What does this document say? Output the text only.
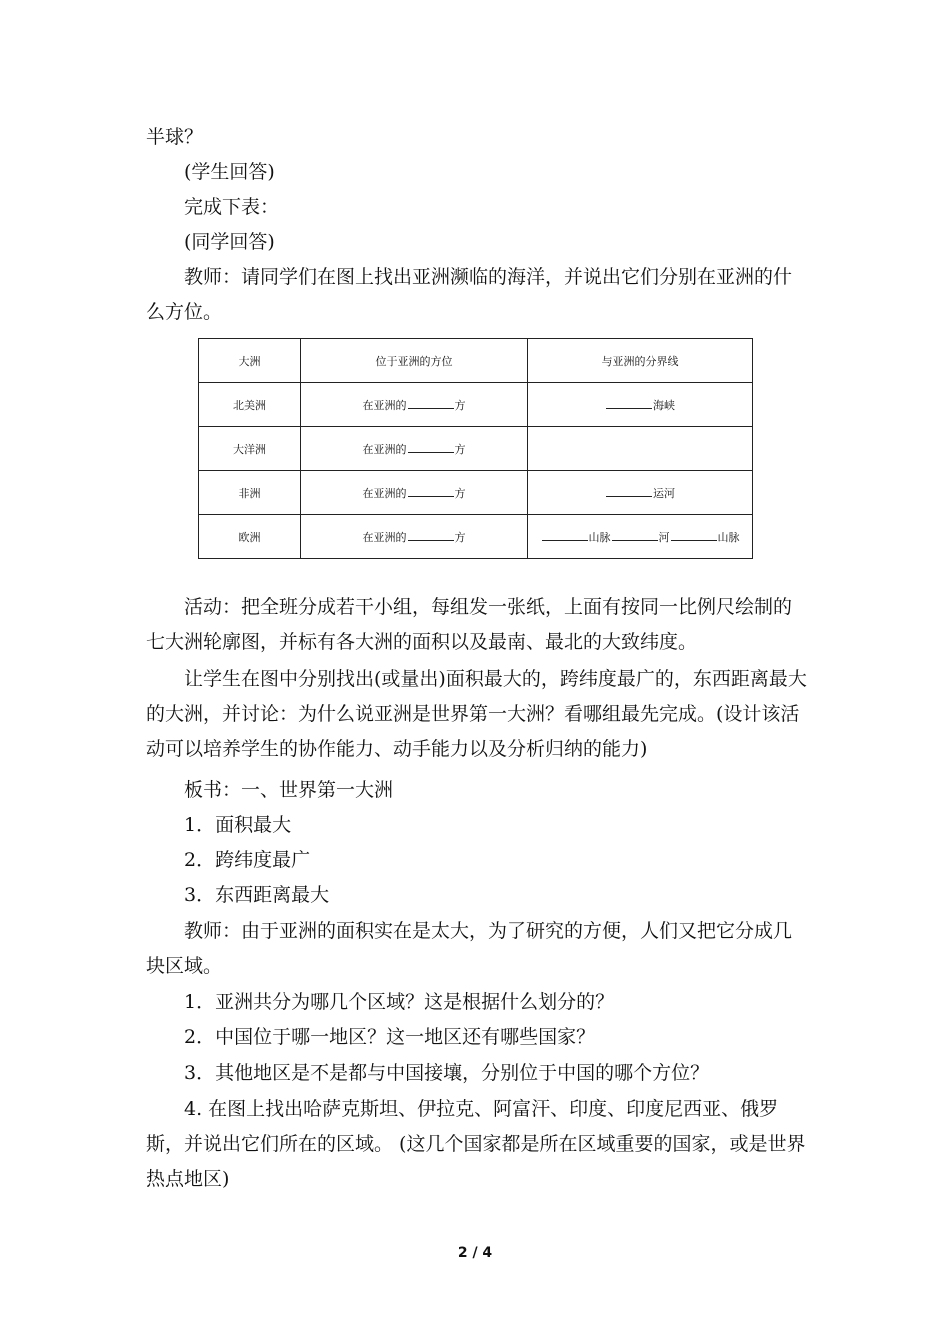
半球？

(学生回答)

完成下表：

(同学回答)

教师：请同学们在图上找出亚洲濒临的海洋，并说出它们分别在亚洲的什么方位。

大洲	位于亚洲的方位	与亚洲的分界线
北美洲	在亚洲的 方	海峡
大洋洲	在亚洲的 方	
非洲	在亚洲的 方	运河
欧洲	在亚洲的 方	山脉 河 山脉

活动：把全班分成若干小组，每组发一张纸，上面有按同一比例尺绘制的七大洲轮廓图，并标有各大洲的面积以及最南、最北的大致纬度。

让学生在图中分别找出(或量出)面积最大的，跨纬度最广的，东西距离最大的大洲，并讨论：为什么说亚洲是世界第一大洲？看哪组最先完成。(设计该活动可以培养学生的协作能力、动手能力以及分析归纳的能力)

板书：一、世界第一大洲

1．面积最大

2．跨纬度最广

3．东西距离最大

教师：由于亚洲的面积实在是太大，为了研究的方便，人们又把它分成几块区域。

1．亚洲共分为哪几个区域？这是根据什么划分的？

2．中国位于哪一地区？这一地区还有哪些国家？

3．其他地区是不是都与中国接壤，分别位于中国的哪个方位？

4. 在图上找出哈萨克斯坦、伊拉克、阿富汗、印度、印度尼西亚、俄罗斯，并说出它们所在的区域。 (这几个国家都是所在区域重要的国家，或是世界热点地区)

2 / 4
